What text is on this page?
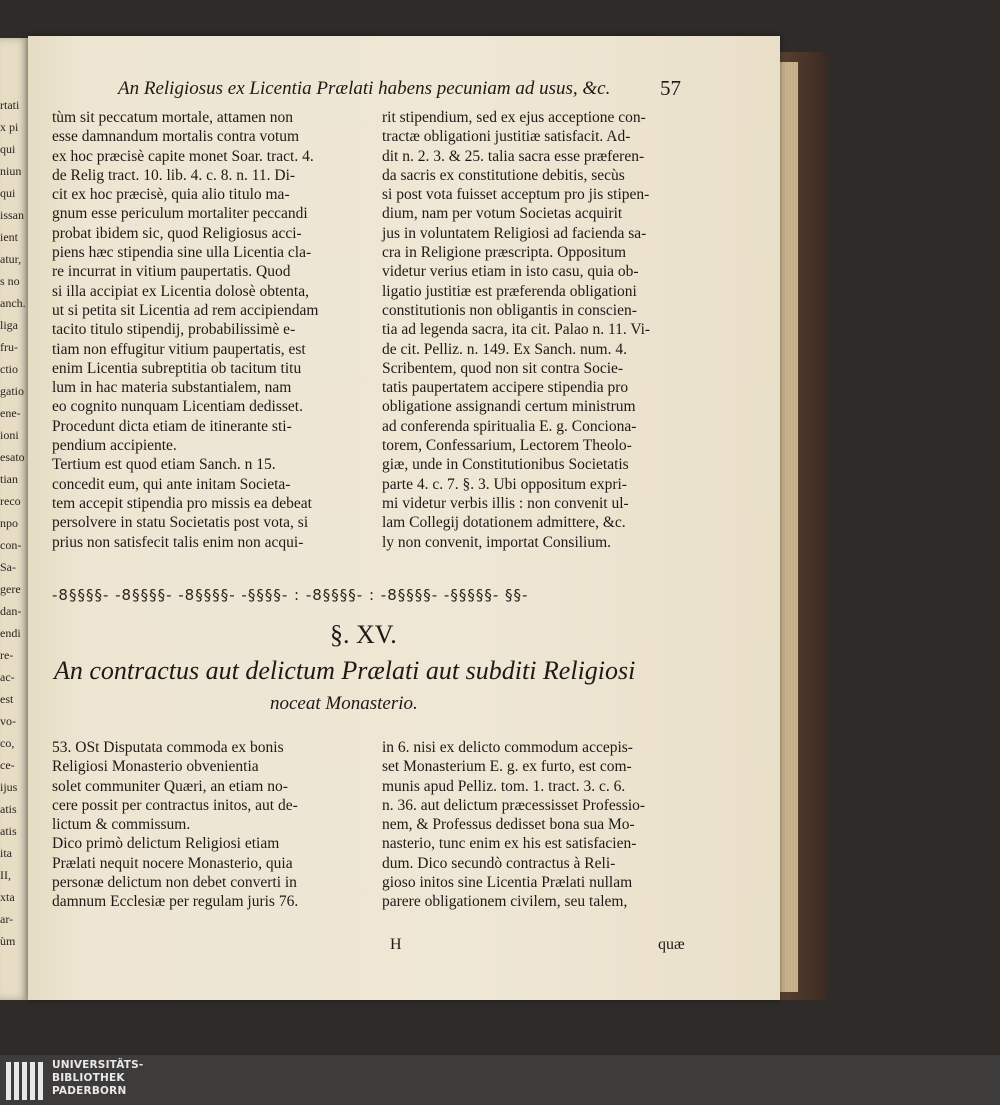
rtati
x pi
qui
niun
qui
issan
ient
atur,
s no
anch.
liga
fru-
ctio
gatio
ene-
ioni
esato
tian
reco
npo
con-
Sa-
gere
dan-
endi
re-
ac-
est
vo-
co,
ce-
ijus
atis
atis
ita
II,
xta
ar-
ùm
An Religiosus ex Licentia Prælati habens pecuniam ad usus, &c. 57

tùm sit peccatum mortale, attamen non

esse damnandum mortalis contra votum

ex hoc præcisè capite monet Soar. tract. 4.

de Relig tract. 10. lib. 4. c. 8. n. 11. Di-

cit ex hoc præcisè, quia alio titulo ma-

gnum esse periculum mortaliter peccandi

probat ibidem sic, quod Religiosus acci-

piens hæc stipendia sine ulla Licentia cla-

re incurrat in vitium paupertatis. Quod

si illa accipiat ex Licentia dolosè obtenta,

ut si petita sit Licentia ad rem accipiendam

tacito titulo stipendij, probabilissimè e-

tiam non effugitur vitium paupertatis, est

enim Licentia subreptitia ob tacitum titu

lum in hac materia substantialem, nam

eo cognito nunquam Licentiam dedisset.

Procedunt dicta etiam de itinerante sti-

pendium accipiente.

Tertium est quod etiam Sanch. n 15.

concedit eum, qui ante initam Societa-

tem accepit stipendia pro missis ea debeat

persolvere in statu Societatis post vota, si

prius non satisfecit talis enim non acqui-

rit stipendium, sed ex ejus acceptione con-

tractæ obligationi justitiæ satisfacit. Ad-

dit n. 2. 3. & 25. talia sacra esse præferen-

da sacris ex constitutione debitis, secùs

si post vota fuisset acceptum pro jis stipen-

dium, nam per votum Societas acquirit

jus in voluntatem Religiosi ad facienda sa-

cra in Religione præscripta. Oppositum

videtur verius etiam in isto casu, quia ob-

ligatio justitiæ est præferenda obligationi

constitutionis non obligantis in conscien-

tia ad legenda sacra, ita cit. Palao n. 11. Vi-

de cit. Pelliz. n. 149. Ex Sanch. num. 4.

Scribentem, quod non sit contra Socie-

tatis paupertatem accipere stipendia pro

obligatione assignandi certum ministrum

ad conferenda spiritualia E. g. Conciona-

torem, Confessarium, Lectorem Theolo-

giæ, unde in Constitutionibus Societatis

parte 4. c. 7. §. 3. Ubi oppositum expri-

mi videtur verbis illis : non convenit ul-

lam Collegij dotationem admittere, &c.

ly non convenit, importat Consilium.

-8§§§§- -8§§§§- -8§§§§- -§§§§- : -8§§§§- : -8§§§§- -§§§§§- §§-
§. XV.
An contractus aut delictum Prælati aut subditi Religiosi
noceat Monasterio.

53. OSt Disputata commoda ex bonis

Religiosi Monasterio obvenientia

solet communiter Quæri, an etiam no-

cere possit per contractus initos, aut de-

lictum & commissum.

Dico primò delictum Religiosi etiam

Prælati nequit nocere Monasterio, quia

personæ delictum non debet converti in

damnum Ecclesiæ per regulam juris 76.

in 6. nisi ex delicto commodum accepis-

set Monasterium E. g. ex furto, est com-

munis apud Pelliz. tom. 1. tract. 3. c. 6.

n. 36. aut delictum præcessisset Professio-

nem, & Professus dedisset bona sua Mo-

nasterio, tunc enim ex his est satisfacien-

dum. Dico secundò contractus à Reli-

gioso initos sine Licentia Prælati nullam

parere obligationem civilem, seu talem,

H	quæ
UNIVERSITÄTS-
BIBLIOTHEK
PADERBORN
